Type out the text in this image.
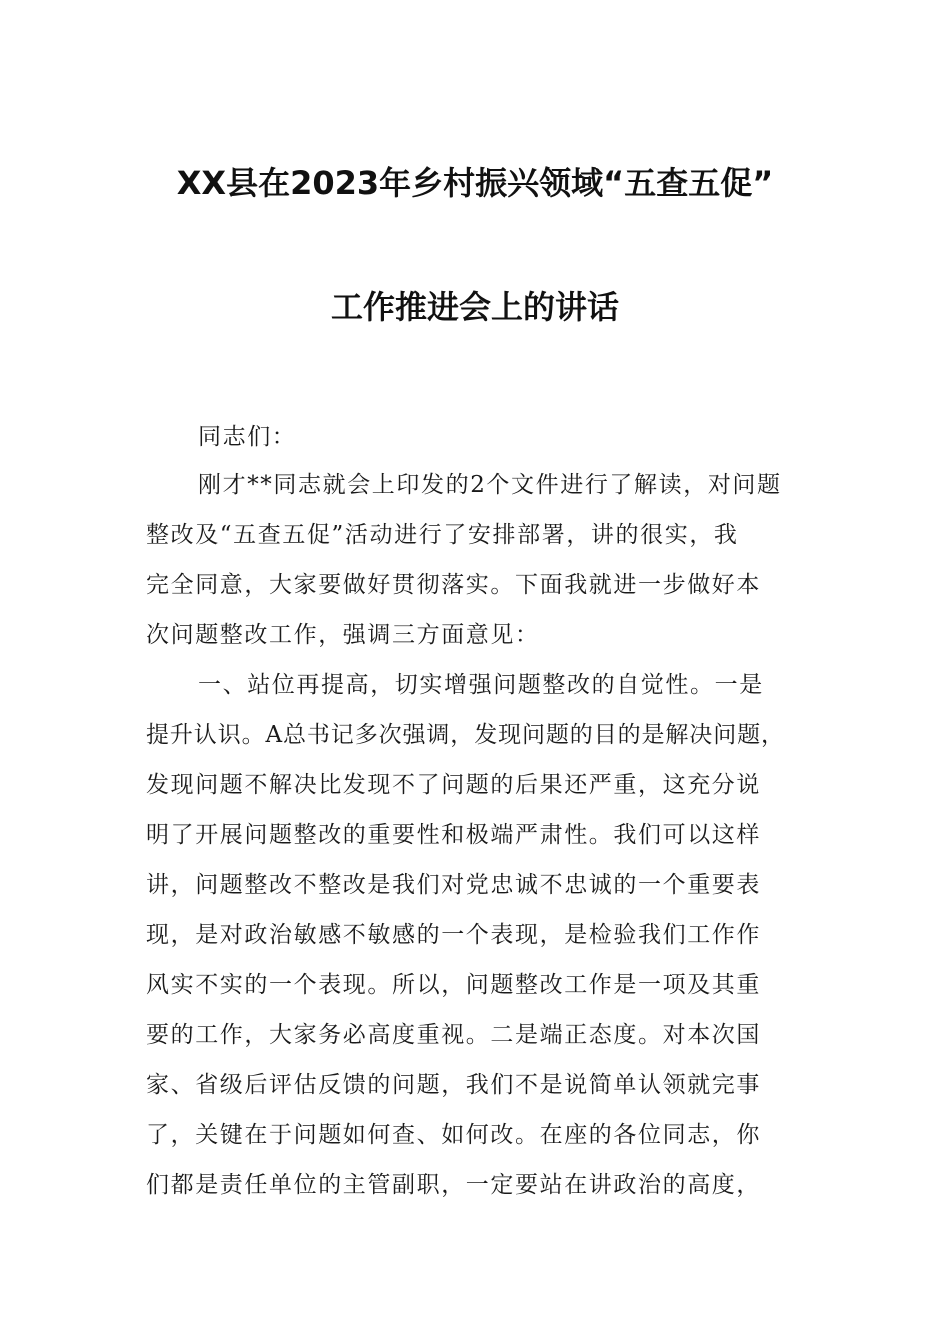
XX县在2023年乡村振兴领域“五查五促”
工作推进会上的讲话
同志们：
刚才**同志就会上印发的2个文件进行了解读，对问题
整改及“五查五促”活动进行了安排部署，讲的很实，我
完全同意，大家要做好贯彻落实。下面我就进一步做好本
次问题整改工作，强调三方面意见：
一、站位再提高，切实增强问题整改的自觉性。一是
提升认识。A总书记多次强调，发现问题的目的是解决问题，
发现问题不解决比发现不了问题的后果还严重，这充分说
明了开展问题整改的重要性和极端严肃性。我们可以这样
讲，问题整改不整改是我们对党忠诚不忠诚的一个重要表
现，是对政治敏感不敏感的一个表现，是检验我们工作作
风实不实的一个表现。所以，问题整改工作是一项及其重
要的工作，大家务必高度重视。二是端正态度。对本次国
家、省级后评估反馈的问题，我们不是说简单认领就完事
了，关键在于问题如何查、如何改。在座的各位同志，你
们都是责任单位的主管副职，一定要站在讲政治的高度，
